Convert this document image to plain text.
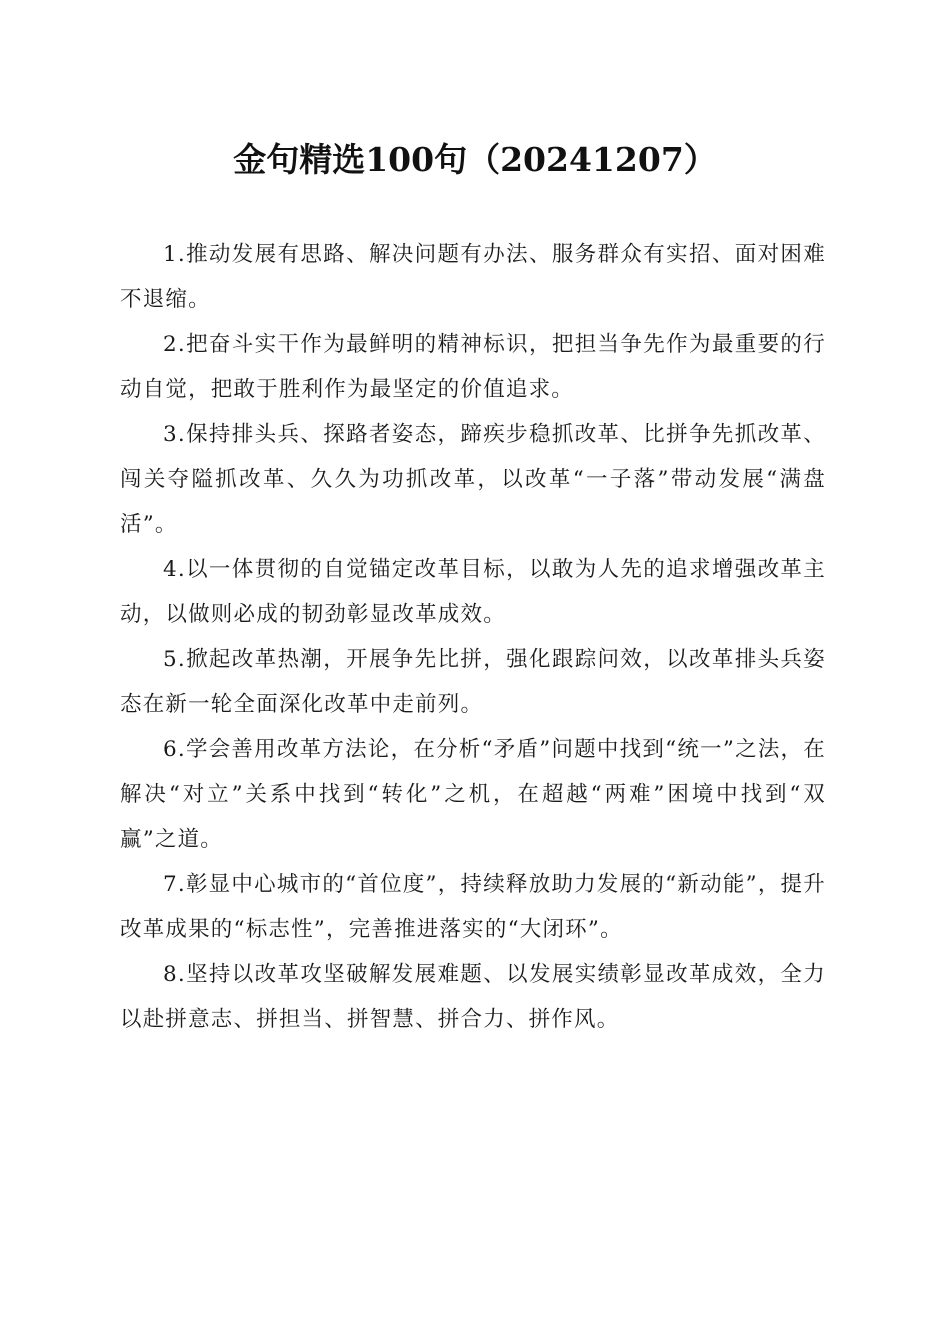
金句精选100句（20241207）

1.推动发展有思路、解决问题有办法、服务群众有实招、面对困难不退缩。

2.把奋斗实干作为最鲜明的精神标识，把担当争先作为最重要的行动自觉，把敢于胜利作为最坚定的价值追求。

3.保持排头兵、探路者姿态，蹄疾步稳抓改革、比拼争先抓改革、闯关夺隘抓改革、久久为功抓改革，以改革“一子落”带动发展“满盘活”。

4.以一体贯彻的自觉锚定改革目标，以敢为人先的追求增强改革主动，以做则必成的韧劲彰显改革成效。

5.掀起改革热潮，开展争先比拼，强化跟踪问效，以改革排头兵姿态在新一轮全面深化改革中走前列。

6.学会善用改革方法论，在分析“矛盾”问题中找到“统一”之法，在解决“对立”关系中找到“转化”之机，在超越“两难”困境中找到“双赢”之道。

7.彰显中心城市的“首位度”，持续释放助力发展的“新动能”，提升改革成果的“标志性”，完善推进落实的“大闭环”。

8.坚持以改革攻坚破解发展难题、以发展实绩彰显改革成效，全力以赴拼意志、拼担当、拼智慧、拼合力、拼作风。
